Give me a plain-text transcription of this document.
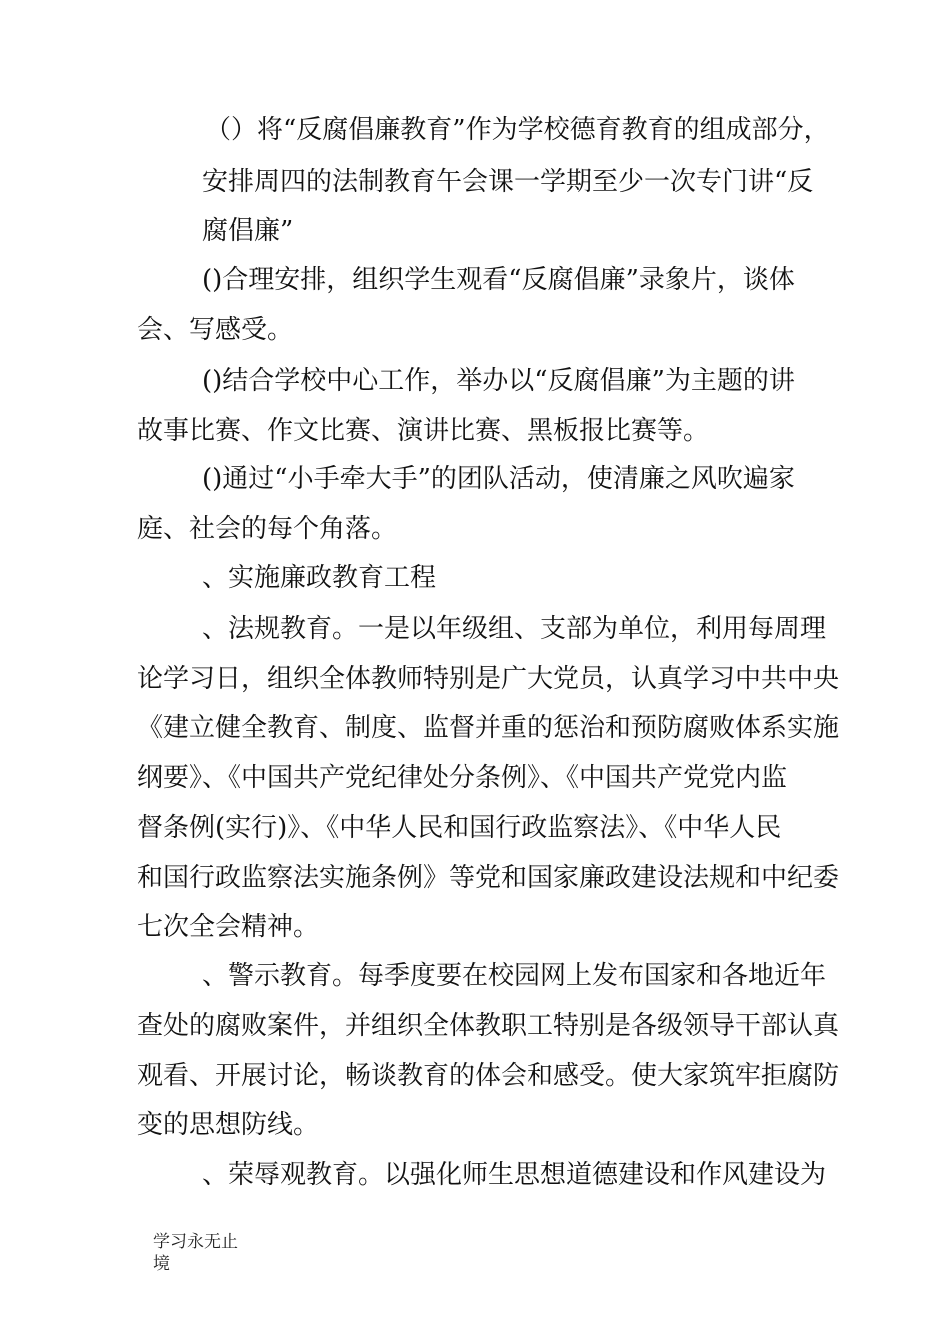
（）将“反腐倡廉教育”作为学校德育教育的组成部分，
安排周四的法制教育午会课一学期至少一次专门讲“反
腐倡廉”
()合理安排，组织学生观看“反腐倡廉”录象片，谈体
会、写感受。
()结合学校中心工作，举办以“反腐倡廉”为主题的讲
故事比赛、作文比赛、演讲比赛、黑板报比赛等。
()通过“小手牵大手”的团队活动，使清廉之风吹遍家
庭、社会的每个角落。
、实施廉政教育工程
、法规教育。一是以年级组、支部为单位，利用每周理
论学习日，组织全体教师特别是广大党员，认真学习中共中央
《建立健全教育、制度、监督并重的惩治和预防腐败体系实施
纲要》、《中国共产党纪律处分条例》、《中国共产党党内监
督条例(实行)》、《中华人民和国行政监察法》、《中华人民
和国行政监察法实施条例》等党和国家廉政建设法规和中纪委
七次全会精神。
、警示教育。每季度要在校园网上发布国家和各地近年
查处的腐败案件，并组织全体教职工特别是各级领导干部认真
观看、开展讨论，畅谈教育的体会和感受。使大家筑牢拒腐防
变的思想防线。
、荣辱观教育。以强化师生思想道德建设和作风建设为
学习永无止
境
